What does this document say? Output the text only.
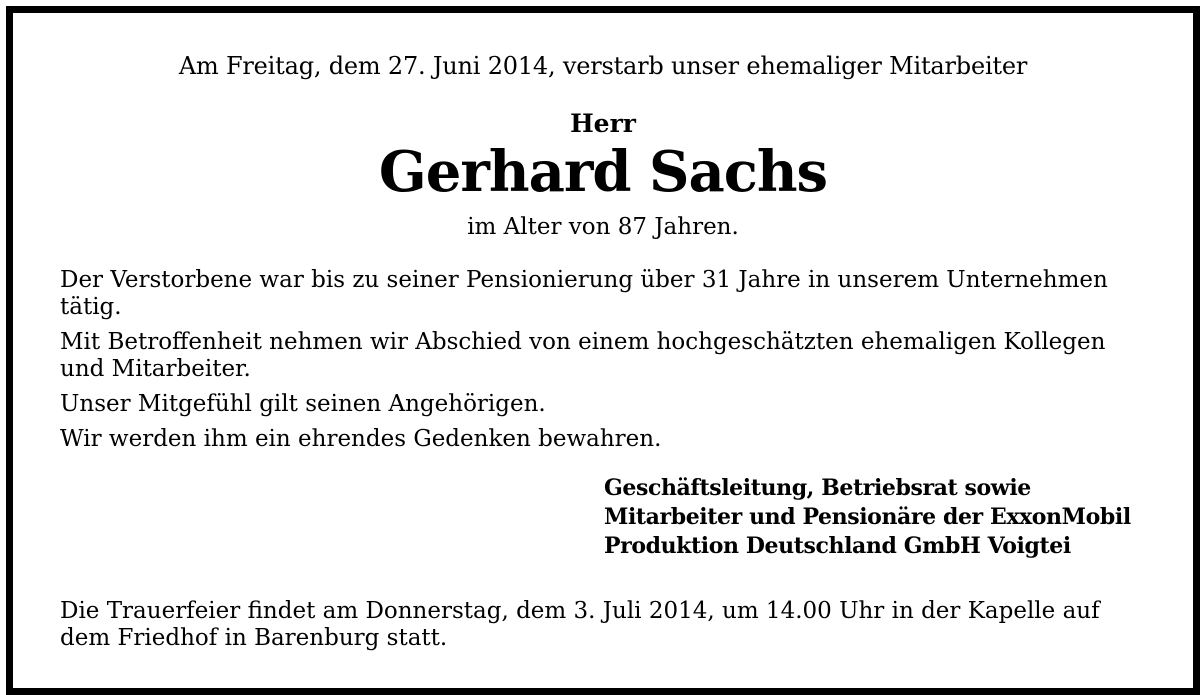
Am Freitag, dem 27. Juni 2014, verstarb unser ehemaliger Mitarbeiter
Herr
Gerhard Sachs
im Alter von 87 Jahren.

Der Verstorbene war bis zu seiner Pensionierung über 31 Jahre in unserem Unternehmen tätig.

Mit Betroffenheit nehmen wir Abschied von einem hochgeschätzten ehemaligen Kollegen und Mitarbeiter.

Unser Mitgefühl gilt seinen Angehörigen.

Wir werden ihm ein ehrendes Gedenken bewahren.

Geschäftsleitung, Betriebsrat sowie
Mitarbeiter und Pensionäre der ExxonMobil
Produktion Deutschland GmbH Voigtei
Die Trauerfeier findet am Donnerstag, dem 3. Juli 2014, um 14.00 Uhr in der Kapelle auf dem Friedhof in Barenburg statt.
